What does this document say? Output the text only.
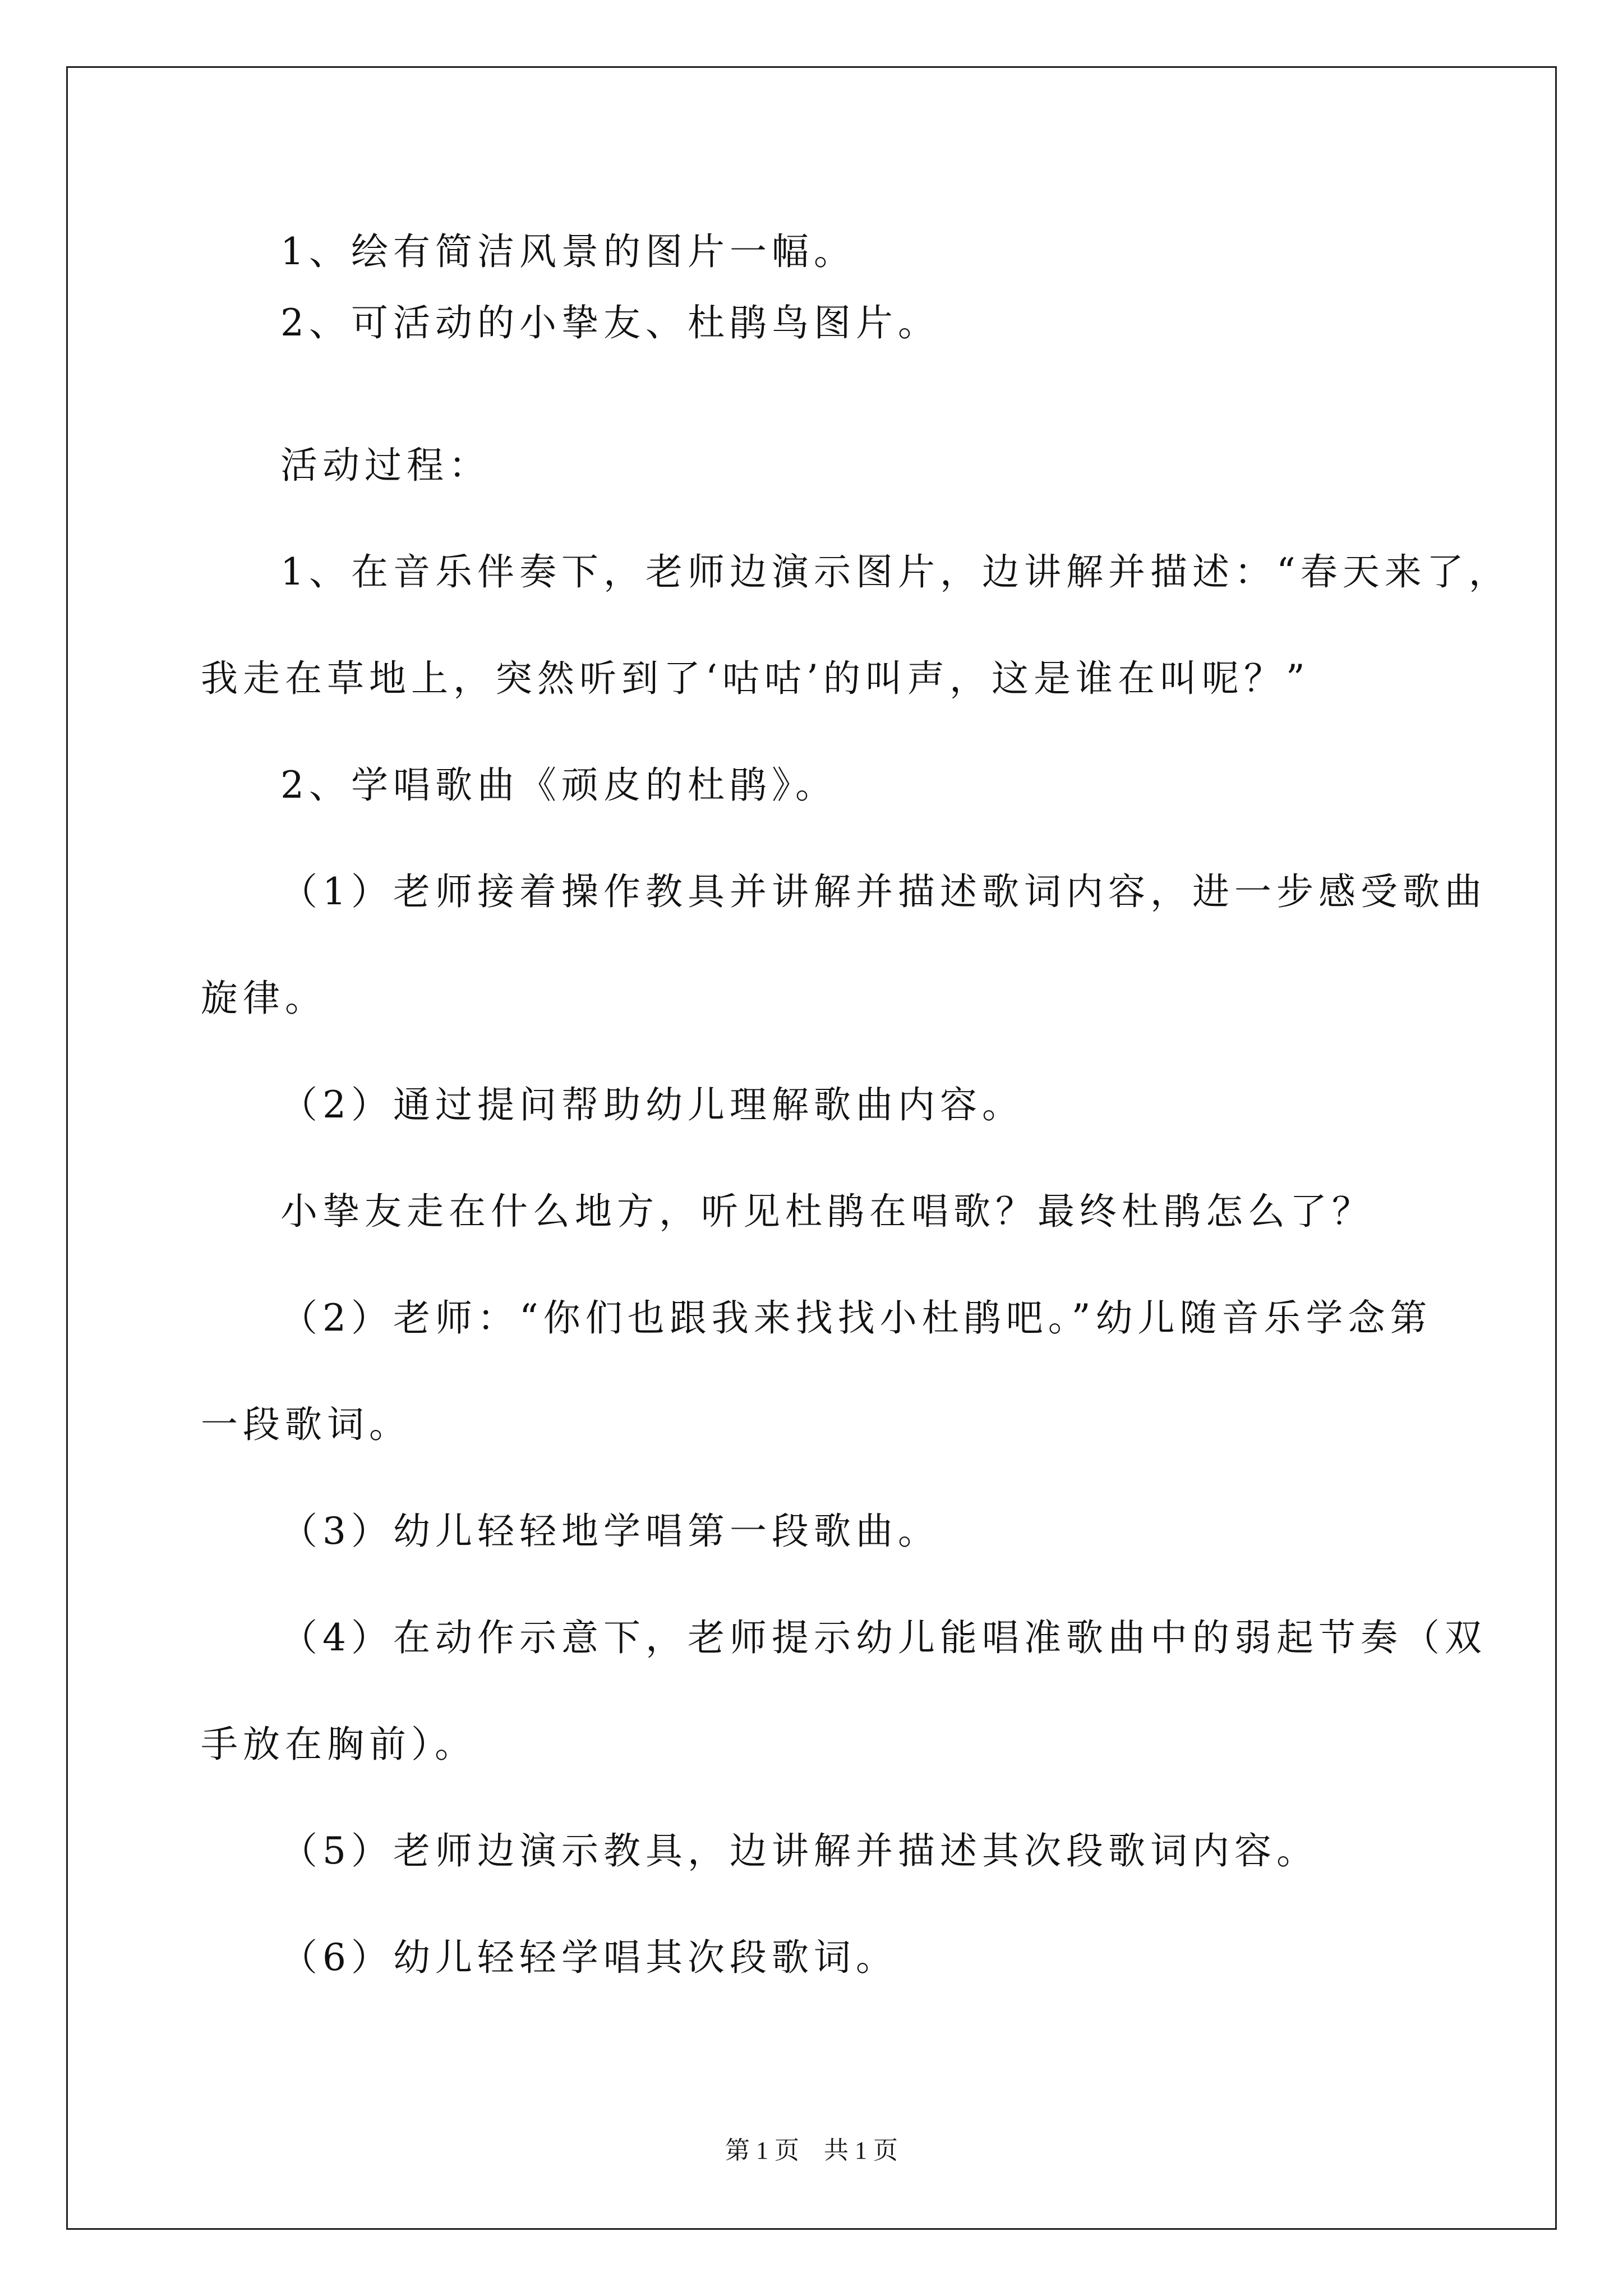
1、绘有简洁风景的图片一幅。
2、可活动的小挚友、杜鹃鸟图片。
活动过程：
1、在音乐伴奏下，老师边演示图片，边讲解并描述：“春天来了，
我走在草地上，突然听到了‘咕咕’的叫声，这是谁在叫呢？”
2、学唱歌曲《顽皮的杜鹃》。
（1）老师接着操作教具并讲解并描述歌词内容，进一步感受歌曲
旋律。
（2）通过提问帮助幼儿理解歌曲内容。
小挚友走在什么地方，听见杜鹃在唱歌？最终杜鹃怎么了？
（2）老师：“你们也跟我来找找小杜鹃吧。”幼儿随音乐学念第
一段歌词。
（3）幼儿轻轻地学唱第一段歌曲。
（4）在动作示意下，老师提示幼儿能唱准歌曲中的弱起节奏（双
手放在胸前）。
（5）老师边演示教具，边讲解并描述其次段歌词内容。
（6）幼儿轻轻学唱其次段歌词。
第 1 页　共 1 页
